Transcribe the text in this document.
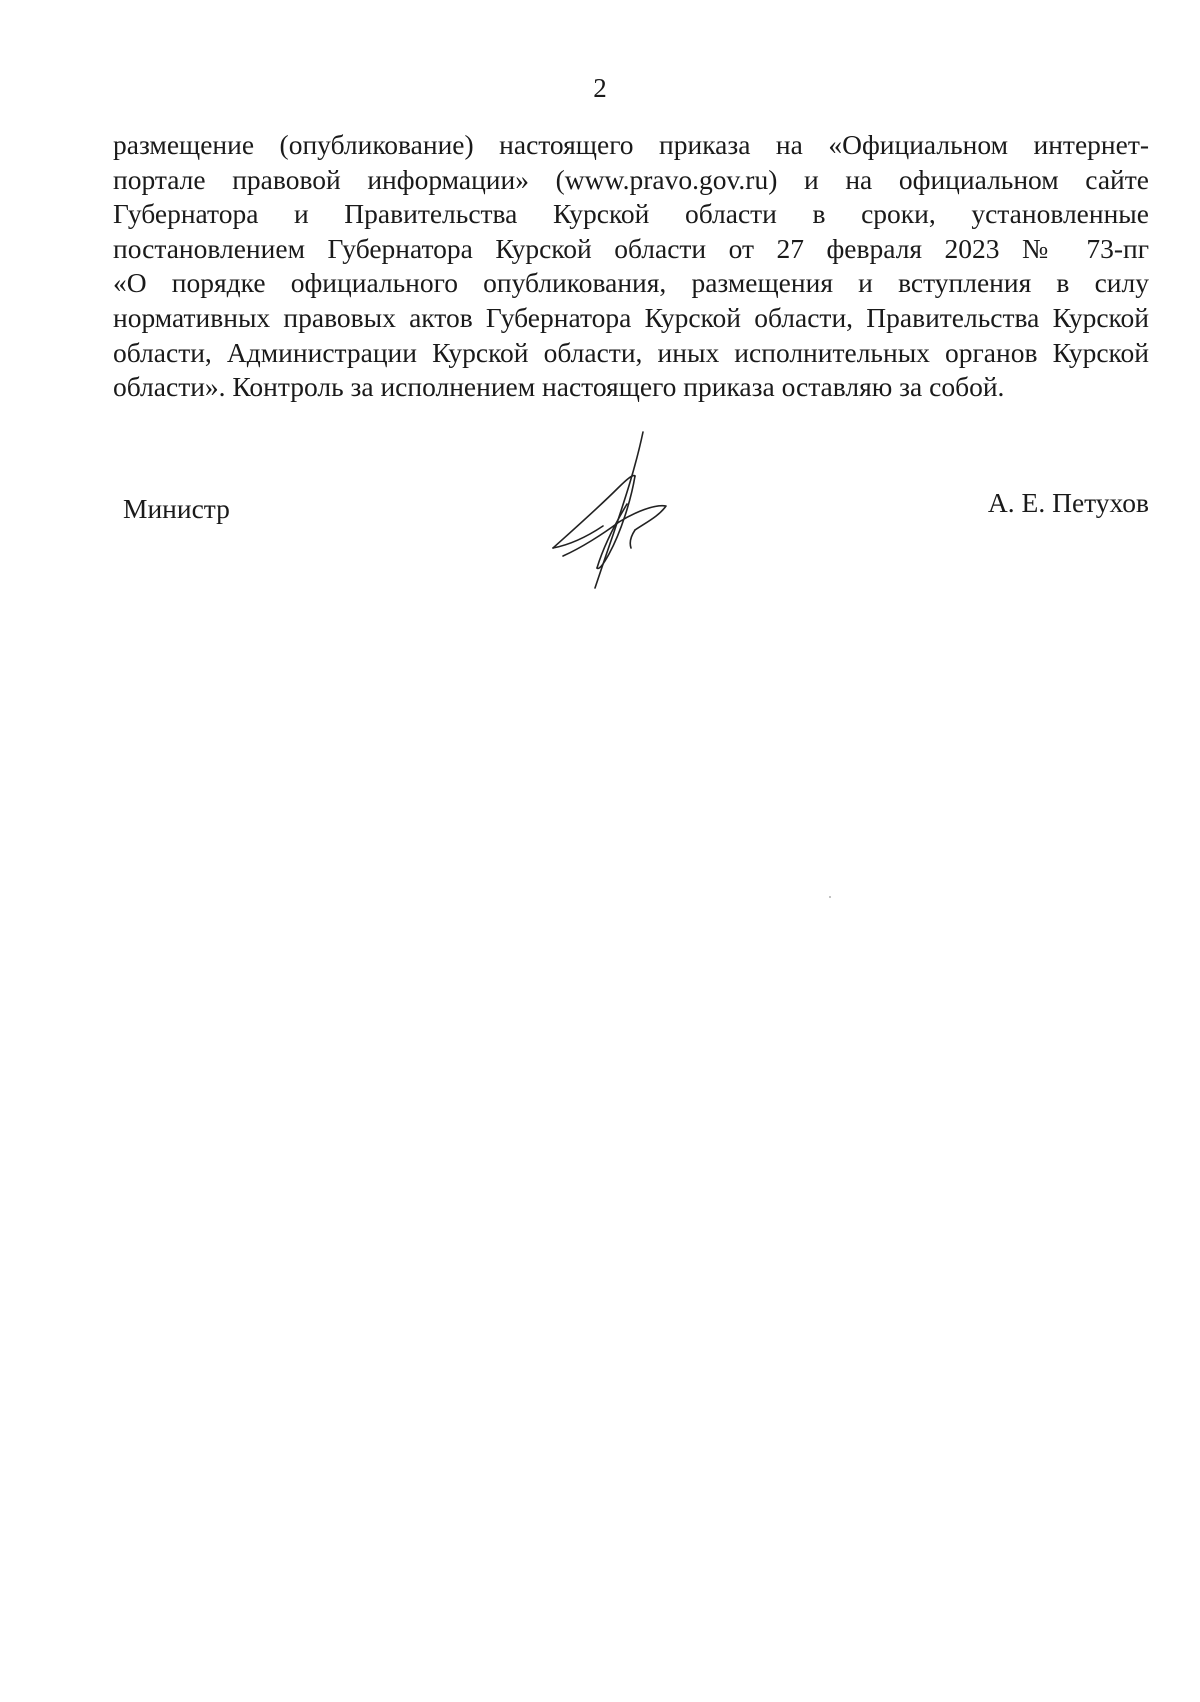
2
размещение (опубликование) настоящего приказа на «Официальном интернет-
портале правовой информации» (www.pravo.gov.ru) и на официальном сайте
Губернатора и Правительства Курской области в сроки, установленные
постановлением Губернатора Курской области от 27 февраля 2023 № 73-пг
«О порядке официального опубликования, размещения и вступления в силу
нормативных правовых актов Губернатора Курской области, Правительства Курской
области, Администрации Курской области, иных исполнительных органов Курской
области». Контроль за исполнением настоящего приказа оставляю за собой.
Министр	А. Е. Петухов
